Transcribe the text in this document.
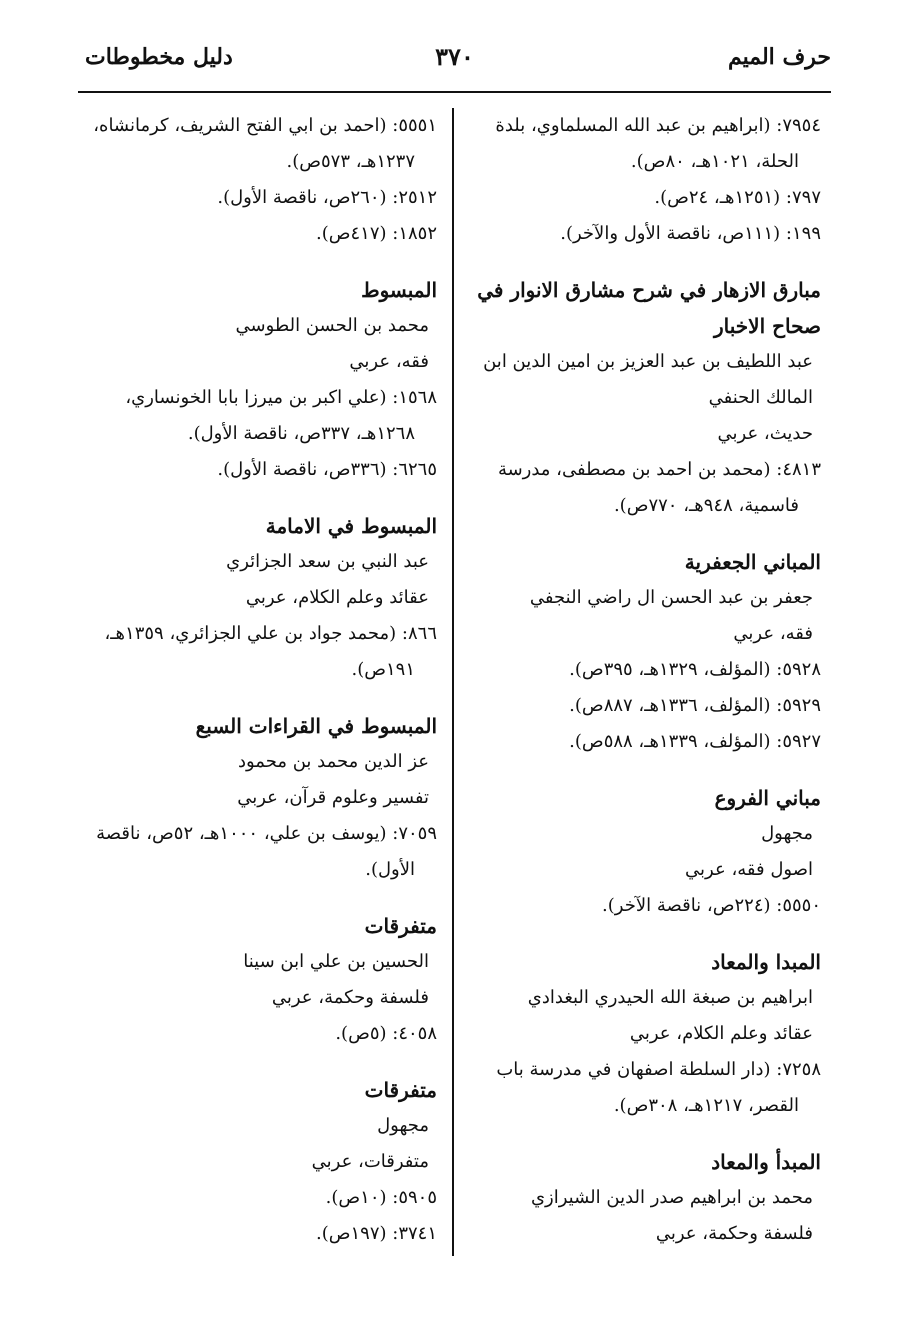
حرف الميم
٣٧٠
دليل مخطوطات
٧٩٥٤: (ابراهيم بن عبد الله المسلماوي، بلدة الحلة، ١٠٢١هـ، ٨٠ص).
٧٩٧: (١٢٥١هـ، ٢٤ص).
١٩٩: (١١١ص، ناقصة الأول والآخر).
مبارق الازهار في شرح مشارق الانوار في صحاح الاخبار
عبد اللطيف بن عبد العزيز بن امين الدين ابن المالك الحنفي
حديث، عربي
٤٨١٣: (محمد بن احمد بن مصطفى، مدرسة فاسمية، ٩٤٨هـ، ٧٧٠ص).
المباني الجعفرية
جعفر بن عبد الحسن ال راضي النجفي
فقه، عربي
٥٩٢٨: (المؤلف، ١٣٢٩هـ، ٣٩٥ص).
٥٩٢٩: (المؤلف، ١٣٣٦هـ، ٨٨٧ص).
٥٩٢٧: (المؤلف، ١٣٣٩هـ، ٥٨٨ص).
مباني الفروع
مجهول
اصول فقه، عربي
٥٥٥٠: (٢٢٤ص، ناقصة الآخر).
المبدا والمعاد
ابراهيم بن صبغة الله الحيدري البغدادي
عقائد وعلم الكلام، عربي
٧٢٥٨: (دار السلطة اصفهان في مدرسة باب القصر، ١٢١٧هـ، ٣٠٨ص).
المبدأ والمعاد
محمد بن ابراهيم صدر الدين الشيرازي
فلسفة وحكمة، عربي
٥٥٥١: (احمد بن ابي الفتح الشريف، كرمانشاه، ١٢٣٧هـ، ٥٧٣ص).
٢٥١٢: (٢٦٠ص، ناقصة الأول).
١٨٥٢: (٤١٧ص).
المبسوط
محمد بن الحسن الطوسي
فقه، عربي
١٥٦٨: (علي اكبر بن ميرزا بابا الخونساري، ١٢٦٨هـ، ٣٣٧ص، ناقصة الأول).
٦٢٦٥: (٣٣٦ص، ناقصة الأول).
المبسوط في الامامة
عبد النبي بن سعد الجزائري
عقائد وعلم الكلام، عربي
٨٦٦: (محمد جواد بن علي الجزائري، ١٣٥٩هـ، ١٩١ص).
المبسوط في القراءات السبع
عز الدين محمد بن محمود
تفسير وعلوم قرآن، عربي
٧٠٥٩: (يوسف بن علي، ١٠٠٠هـ، ٥٢ص، ناقصة الأول).
متفرقات
الحسين بن علي ابن سينا
فلسفة وحكمة، عربي
٤٠٥٨: (٥ص).
متفرقات
مجهول
متفرقات، عربي
٥٩٠٥: (١٠ص).
٣٧٤١: (١٩٧ص).
